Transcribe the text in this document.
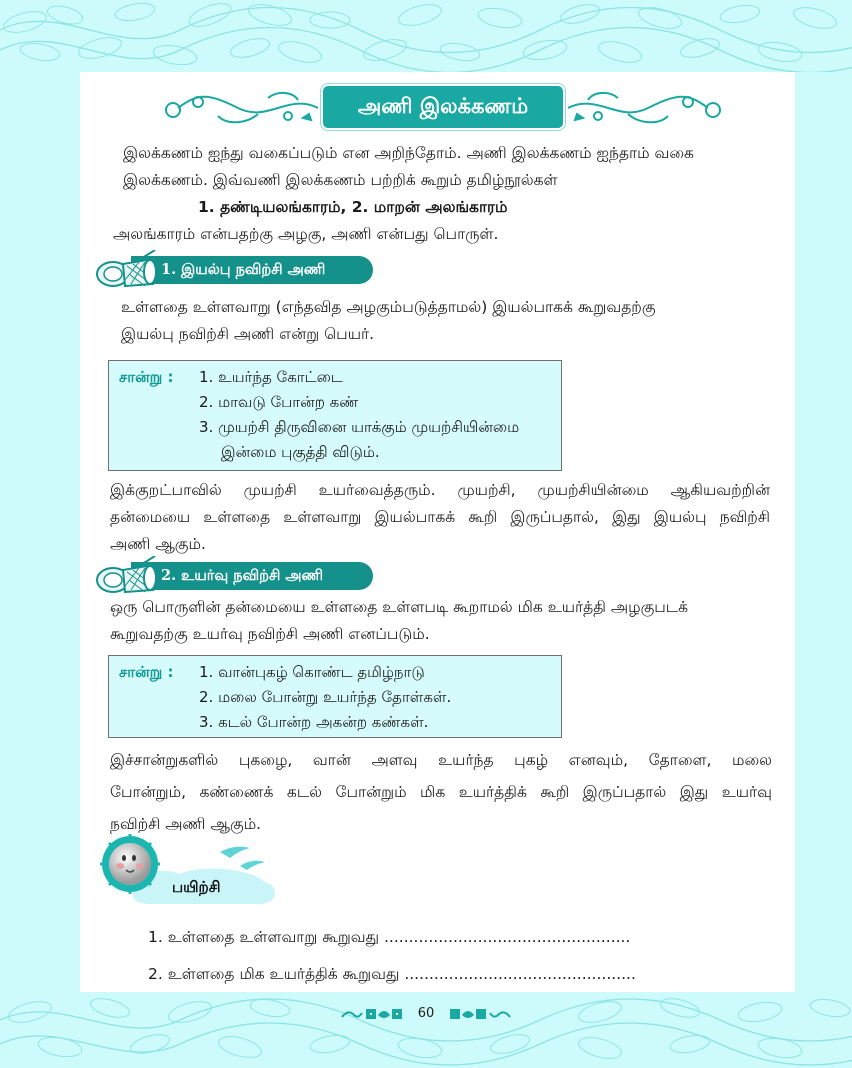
அணி இலக்கணம்
இலக்கணம் ஐந்து வகைப்படும் என அறிந்தோம். அணி இலக்கணம் ஐந்தாம் வகை
இலக்கணம். இவ்வணி இலக்கணம் பற்றிக் கூறும் தமிழ்நூல்கள்
1. தண்டியலங்காரம், 2. மாறன் அலங்காரம்
அலங்காரம் என்பதற்கு அழகு, அணி என்பது பொருள்.
1. இயல்பு நவிற்சி அணி
உள்ளதை உள்ளவாறு (எந்தவித அழகும்படுத்தாமல்) இயல்பாகக் கூறுவதற்கு
இயல்பு நவிற்சி அணி என்று பெயர்.
சான்று : 1. உயர்ந்த கோட்டை
2. மாவடு போன்ற கண்
3. முயற்சி திருவினை யாக்கும் முயற்சியின்மை
இன்மை புகுத்தி விடும்.
இக்குறட்பாவில் முயற்சி உயர்வைத்தரும். முயற்சி, முயற்சியின்மை ஆகியவற்றின்
தன்மையை உள்ளதை உள்ளவாறு இயல்பாகக் கூறி இருப்பதால், இது இயல்பு நவிற்சி
அணி ஆகும்.
2. உயர்வு நவிற்சி அணி
ஒரு பொருளின் தன்மையை உள்ளதை உள்ளபடி கூறாமல் மிக உயர்த்தி அழகுபடக்
கூறுவதற்கு உயர்வு நவிற்சி அணி எனப்படும்.
சான்று : 1. வான்புகழ் கொண்ட தமிழ்நாடு
2. மலை போன்று உயர்ந்த தோள்கள்.
3. கடல் போன்ற அகன்ற கண்கள்.
இச்சான்றுகளில் புகழை, வான் அளவு உயர்ந்த புகழ் எனவும், தோளை, மலை
போன்றும், கண்ணைக் கடல் போன்றும் மிக உயர்த்திக் கூறி இருப்பதால் இது உயர்வு
நவிற்சி அணி ஆகும்.
பயிற்சி
1. உள்ளதை உள்ளவாறு கூறுவது ..................................................
2. உள்ளதை மிக உயர்த்திக் கூறுவது ...............................................
60
